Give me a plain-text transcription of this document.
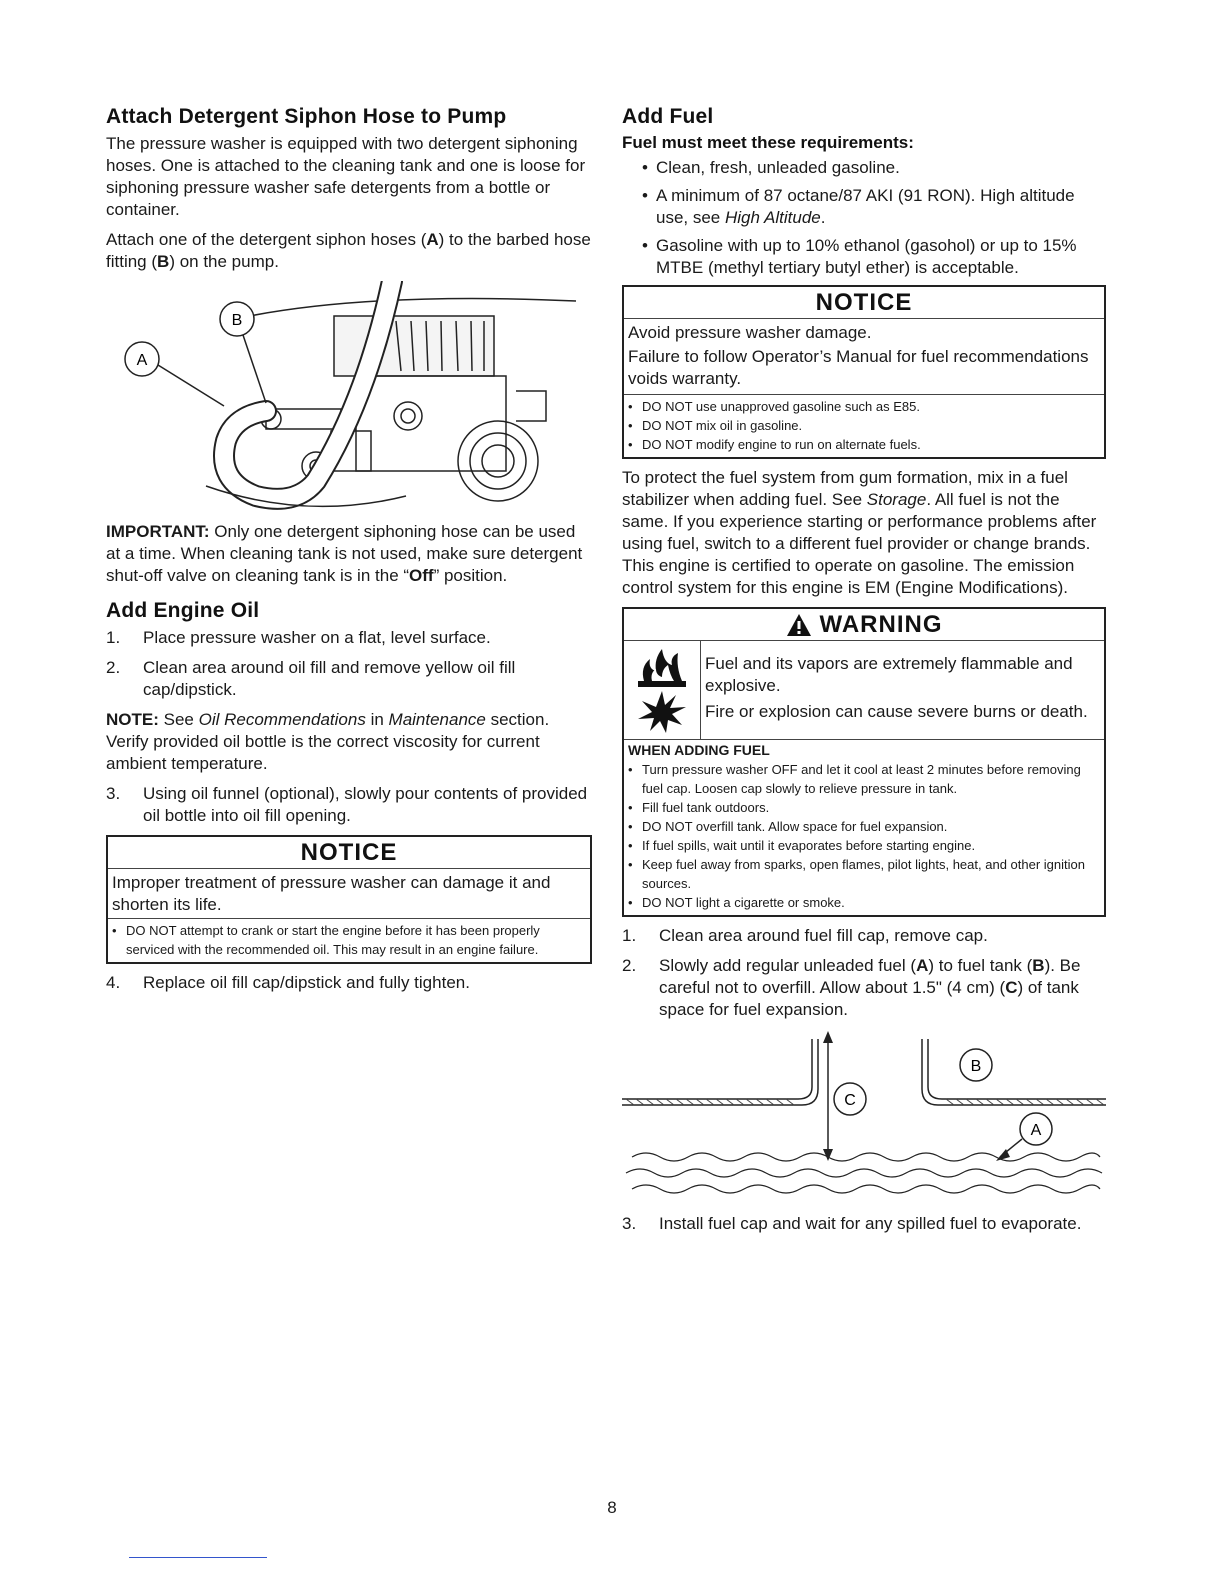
Attach Detergent Siphon Hose to Pump

The pressure washer is equipped with two detergent siphoning hoses. One is attached to the cleaning tank and one is loose for siphoning pressure washer safe detergents from a bottle or container.

Attach one of the detergent siphon hoses (A) to the barbed hose fitting (B) on the pump.

B
A

IMPORTANT: Only one detergent siphoning hose can be used at a time. When cleaning tank is not used, make sure detergent shut-off valve on cleaning tank is in the “Off” position.

Add Engine Oil
1. Place pressure washer on a flat, level surface.
2. Clean area around oil fill and remove yellow oil fill cap/dipstick.

NOTE: See Oil Recommendations in Maintenance section. Verify provided oil bottle is the correct viscosity for current ambient temperature.

3. Using oil funnel (optional), slowly pour contents of provided oil bottle into oil fill opening.
NOTICE
Improper treatment of pressure washer can damage it and shorten its life.
• DO NOT attempt to crank or start the engine before it has been properly serviced with the recommended oil. This may result in an engine failure.
4. Replace oil fill cap/dipstick and fully tighten.
Add Fuel
Fuel must meet these requirements:
• Clean, fresh, unleaded gasoline.
• A minimum of 87 octane/87 AKI (91 RON). High altitude use, see High Altitude.
• Gasoline with up to 10% ethanol (gasohol) or up to 15% MTBE (methyl tertiary butyl ether) is acceptable.
NOTICE
Avoid pressure washer damage.
Failure to follow Operator’s Manual for fuel recommendations voids warranty.
• DO NOT use unapproved gasoline such as E85.
• DO NOT mix oil in gasoline.
• DO NOT modify engine to run on alternate fuels.

To protect the fuel system from gum formation, mix in a fuel stabilizer when adding fuel. See Storage. All fuel is not the same. If you experience starting or performance problems after using fuel, switch to a different fuel provider or change brands. This engine is certified to operate on gasoline. The emission control system for this engine is EM (Engine Modifications).

WARNING
Fuel and its vapors are extremely flammable and explosive.
Fire or explosion can cause severe burns or death.
WHEN ADDING FUEL
• Turn pressure washer OFF and let it cool at least 2 minutes before removing fuel cap. Loosen cap slowly to relieve pressure in tank.
• Fill fuel tank outdoors.
• DO NOT overfill tank. Allow space for fuel expansion.
• If fuel spills, wait until it evaporates before starting engine.
• Keep fuel away from sparks, open flames, pilot lights, heat, and other ignition sources.
• DO NOT light a cigarette or smoke.
1. Clean area around fuel fill cap, remove cap.
2. Slowly add regular unleaded fuel (A) to fuel tank (B). Be careful not to overfill. Allow about 1.5" (4 cm) (C) of tank space for fuel expansion.
C
B
A
3. Install fuel cap and wait for any spilled fuel to evaporate.
8
